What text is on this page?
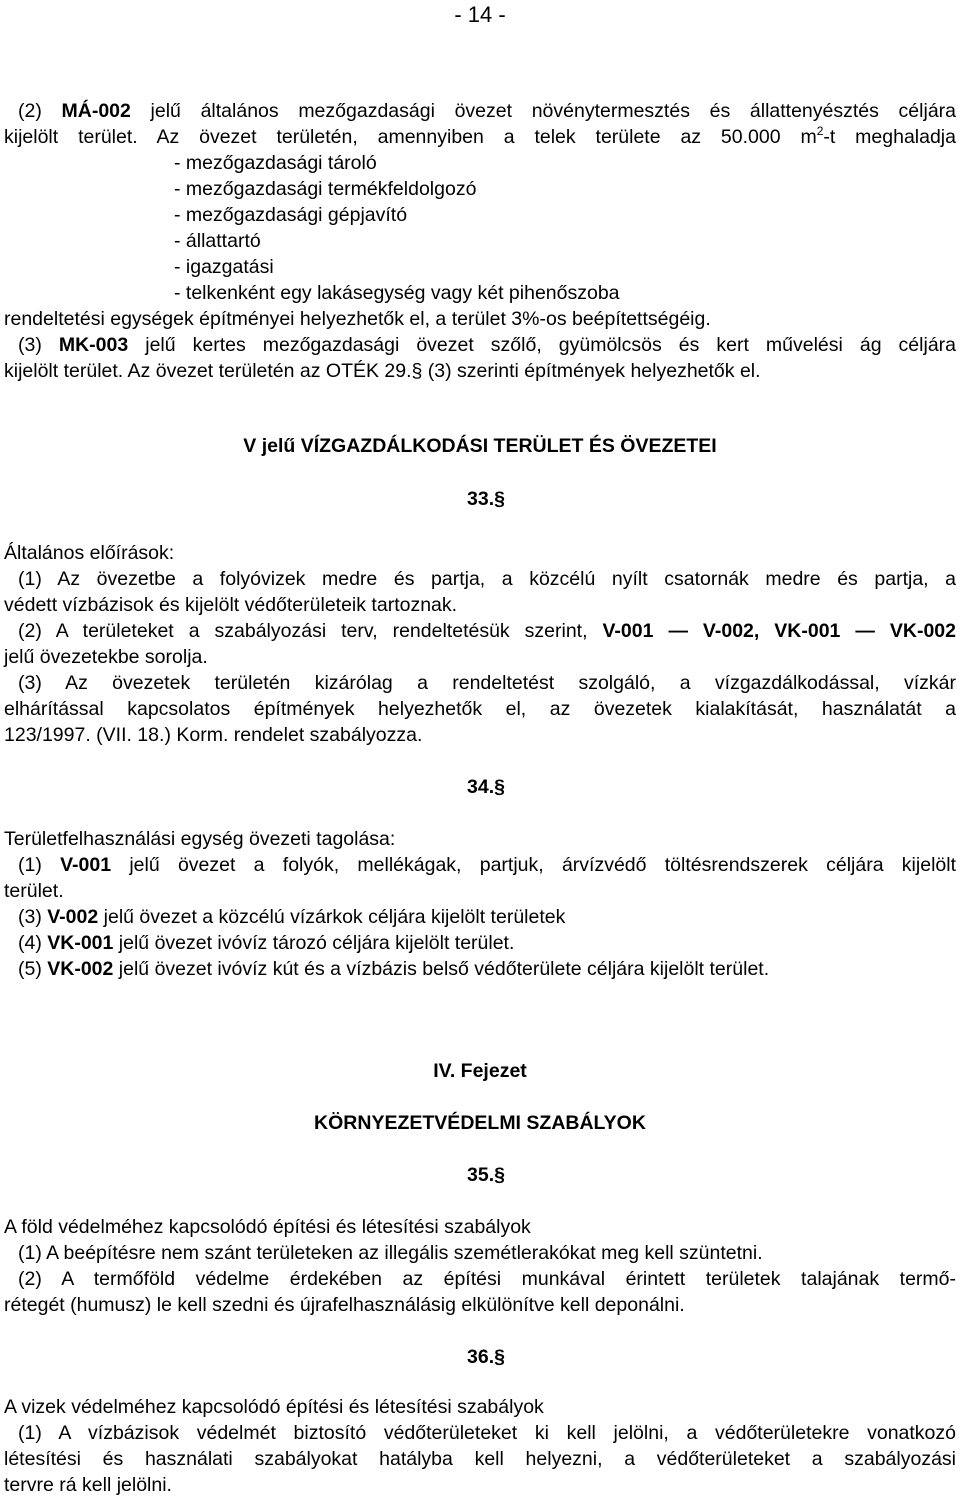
- 14 -
(2) MÁ-002 jelű általános mezőgazdasági övezet növénytermesztés és állattenyésztés céljára
kijelölt terület. Az övezet területén, amennyiben a telek területe az 50.000 $m^2-t$ meghaladja
- mezőgazdasági tároló
- mezőgazdasági termékfeldolgozó
- mezőgazdasági gépjavító
- állattartó
- igazgatási
- telkenként egy lakásegység vagy két pihenőszoba
rendeltetési egységek építményei helyezhetők el, a terület 3%-os beépítettségéig.
(3) MK-003 jelű kertes mezőgazdasági övezet szőlő, gyümölcsös és kert művelési ág céljára
kijelölt terület. Az övezet területén az OTÉK 29.§ (3) szerinti építmények helyezhetők el.
V jelű VÍZGAZDÁLKODÁSI TERÜLET ÉS ÖVEZETEI
33.§
Általános előírások:
(1) Az övezetbe a folyóvizek medre és partja, a közcélú nyílt csatornák medre és partja, a
védett vízbázisok és kijelölt védőterületeik tartoznak.
(2) A területeket a szabályozási terv, rendeltetésük szerint, V-001 — V-002, VK-001 — VK-002
jelű övezetekbe sorolja.
(3) Az övezetek területén kizárólag a rendeltetést szolgáló, a vízgazdálkodással, vízkár
elhárítással kapcsolatos építmények helyezhetők el, az övezetek kialakítását, használatát a
123/1997. (VII. 18.) Korm. rendelet szabályozza.
34.§
Területfelhasználási egység övezeti tagolása:
(1) V-001 jelű övezet a folyók, mellékágak, partjuk, árvízvédő töltésrendszerek céljára kijelölt
terület.
(3) V-002 jelű övezet a közcélú vízárkok céljára kijelölt területek
(4) VK-001 jelű övezet ivóvíz tározó céljára kijelölt terület.
(5) VK-002 jelű övezet ivóvíz kút és a vízbázis belső védőterülete céljára kijelölt terület.
IV. Fejezet
KÖRNYEZETVÉDELMI SZABÁLYOK
35.§
A föld védelméhez kapcsolódó építési és létesítési szabályok
(1) A beépítésre nem szánt területeken az illegális szemétlerakókat meg kell szüntetni.
(2) A termőföld védelme érdekében az építési munkával érintett területek talajának termő-
rétegét (humusz) le kell szedni és újrafelhasználásig elkülönítve kell deponálni.
36.§
A vizek védelméhez kapcsolódó építési és létesítési szabályok
(1) A vízbázisok védelmét biztosító védőterületeket ki kell jelölni, a védőterületekre vonatkozó
létesítési és használati szabályokat hatályba kell helyezni, a védőterületeket a szabályozási
tervre rá kell jelölni.
